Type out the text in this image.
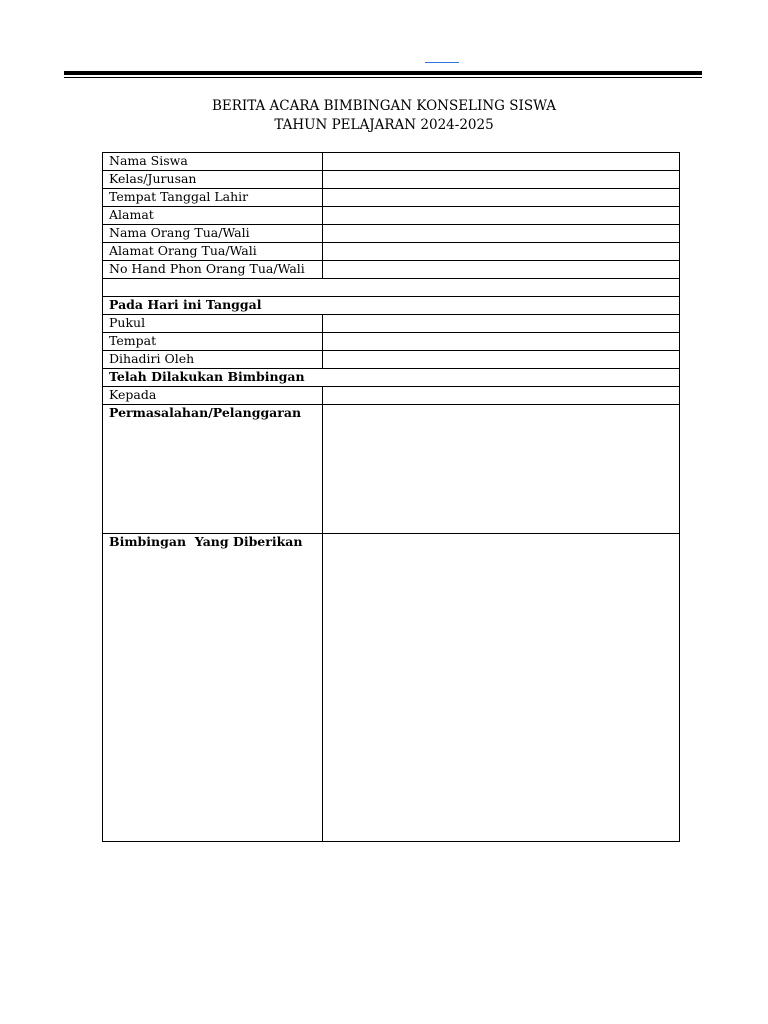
BERITA ACARA BIMBINGAN KONSELING SISWA
TAHUN PELAJARAN 2024-2025
Nama Siswa	
Kelas/Jurusan	
Tempat Tanggal Lahir	
Alamat	
Nama Orang Tua/Wali	
Alamat Orang Tua/Wali	
No Hand Phon Orang Tua/Wali	

Pada Hari ini Tanggal	
Pukul	
Tempat	
Dihadiri Oleh	
Telah Dilakukan Bimbingan	
Kepada	
Permasalahan/Pelanggaran	
Bimbingan  Yang Diberikan	
